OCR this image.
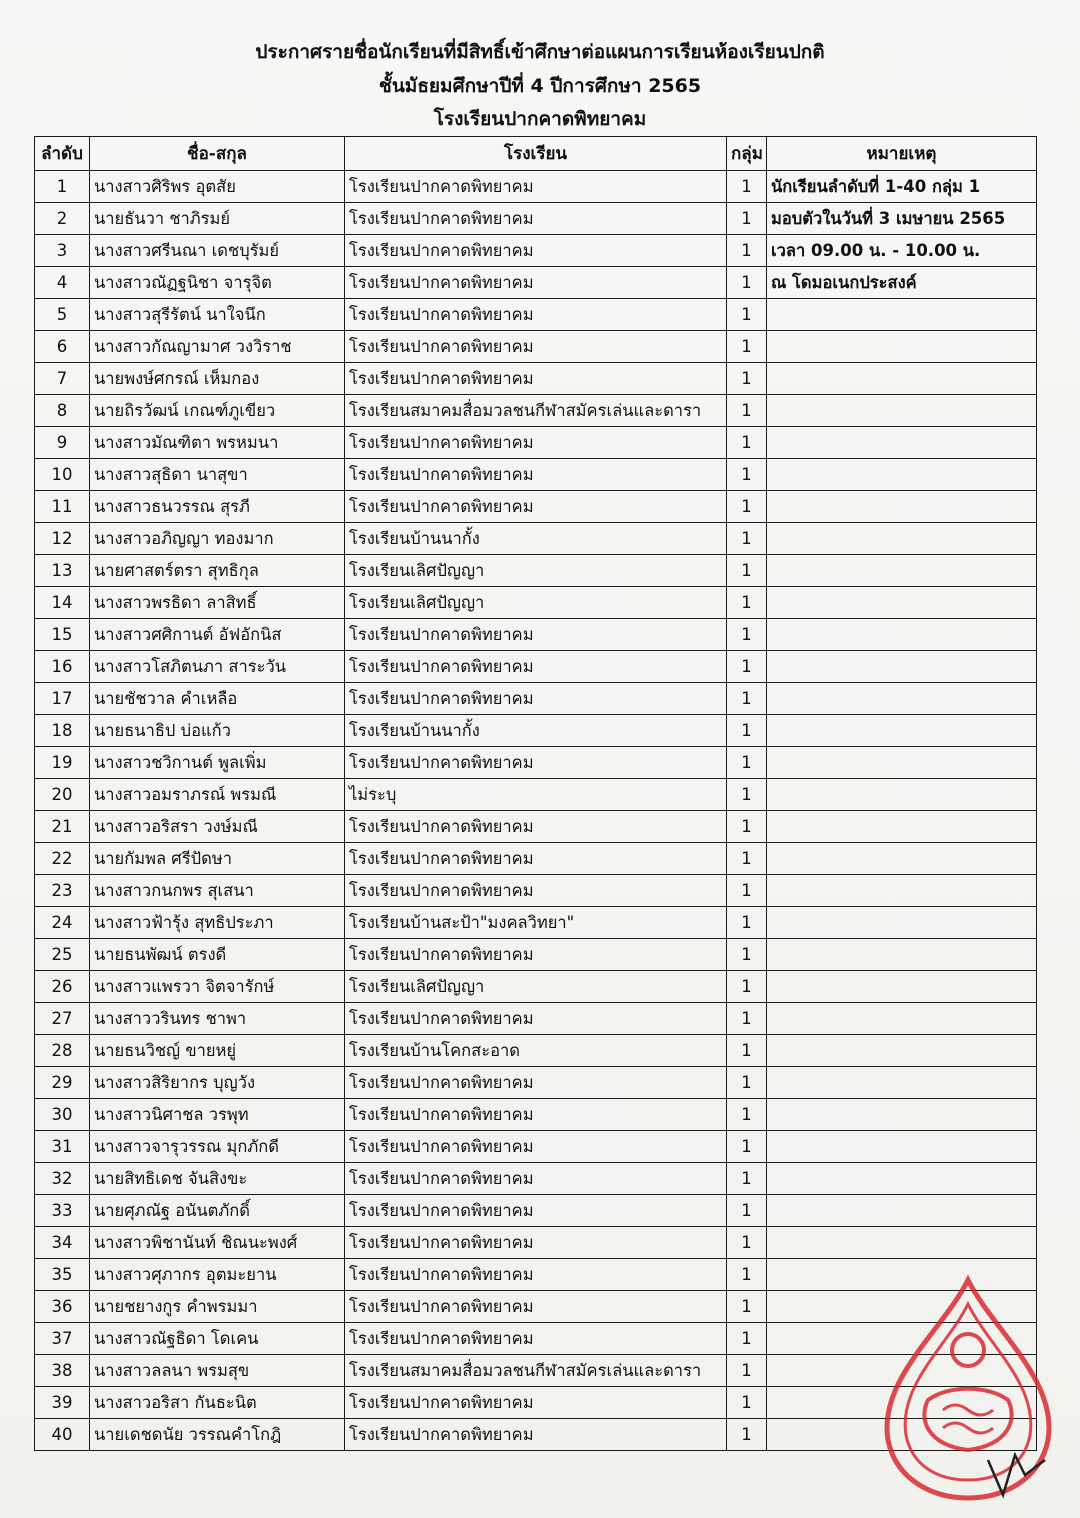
ประกาศรายชื่อนักเรียนที่มีสิทธิ์เข้าศึกษาต่อแผนการเรียนห้องเรียนปกติ
ชั้นมัธยมศึกษาปีที่ 4 ปีการศึกษา 2565
โรงเรียนปากคาดพิทยาคม
ลำดับ	ชื่อ-สกุล	โรงเรียน	กลุ่ม	หมายเหตุ
1	นางสาวศิริพร อุตสัย	โรงเรียนปากคาดพิทยาคม	1	นักเรียนลำดับที่ 1-40 กลุ่ม 1
2	นายธันวา ชาภิรมย์	โรงเรียนปากคาดพิทยาคม	1	มอบตัวในวันที่ 3 เมษายน 2565
3	นางสาวศรีนณา เดชบุรัมย์	โรงเรียนปากคาดพิทยาคม	1	เวลา 09.00 น. - 10.00 น.
4	นางสาวณัฏฐนิชา จารุจิต	โรงเรียนปากคาดพิทยาคม	1	ณ โดมอเนกประสงค์
5	นางสาวสุรีรัตน์ นาใจนึก	โรงเรียนปากคาดพิทยาคม	1	
6	นางสาวกัณญามาศ วงวิราช	โรงเรียนปากคาดพิทยาคม	1	
7	นายพงษ์ศกรณ์ เห็มกอง	โรงเรียนปากคาดพิทยาคม	1	
8	นายถิรวัฒน์ เกณฑ์ภูเขียว	โรงเรียนสมาคมสื่อมวลชนกีฬาสมัครเล่นและดารา	1	
9	นางสาวมัณฑิตา พรหมนา	โรงเรียนปากคาดพิทยาคม	1	
10	นางสาวสุธิดา นาสุขา	โรงเรียนปากคาดพิทยาคม	1	
11	นางสาวธนวรรณ สุรภี	โรงเรียนปากคาดพิทยาคม	1	
12	นางสาวอภิญญา ทองมาก	โรงเรียนบ้านนากั้ง	1	
13	นายศาสตร์ตรา สุทธิกุล	โรงเรียนเลิศปัญญา	1	
14	นางสาวพรธิดา ลาสิทธิ์	โรงเรียนเลิศปัญญา	1	
15	นางสาวศศิกานต์ อัฟอักนิส	โรงเรียนปากคาดพิทยาคม	1	
16	นางสาวโสภิตนภา สาระวัน	โรงเรียนปากคาดพิทยาคม	1	
17	นายชัชวาล คำเหลือ	โรงเรียนปากคาดพิทยาคม	1	
18	นายธนาธิป บ่อแก้ว	โรงเรียนบ้านนากั้ง	1	
19	นางสาวชวิกานต์ พูลเพิ่ม	โรงเรียนปากคาดพิทยาคม	1	
20	นางสาวอมราภรณ์ พรมณี	ไม่ระบุ	1	
21	นางสาวอริสรา วงษ์มณี	โรงเรียนปากคาดพิทยาคม	1	
22	นายกัมพล ศรีปัดษา	โรงเรียนปากคาดพิทยาคม	1	
23	นางสาวกนกพร สุเสนา	โรงเรียนปากคาดพิทยาคม	1	
24	นางสาวฟ้ารุ้ง สุทธิประภา	โรงเรียนบ้านสะป้า"มงคลวิทยา"	1	
25	นายธนพัฒน์ ตรงดี	โรงเรียนปากคาดพิทยาคม	1	
26	นางสาวแพรวา จิตจารักษ์	โรงเรียนเลิศปัญญา	1	
27	นางสาววรินทร ชาพา	โรงเรียนปากคาดพิทยาคม	1	
28	นายธนวิชญ์ ขายหยู่	โรงเรียนบ้านโคกสะอาด	1	
29	นางสาวสิริยากร บุญวัง	โรงเรียนปากคาดพิทยาคม	1	
30	นางสาวนิศาชล วรพุท	โรงเรียนปากคาดพิทยาคม	1	
31	นางสาวจารุวรรณ มุกภักดี	โรงเรียนปากคาดพิทยาคม	1	
32	นายสิทธิเดช จันสิงขะ	โรงเรียนปากคาดพิทยาคม	1	
33	นายศุภณัฐ อนันตภักดิ์	โรงเรียนปากคาดพิทยาคม	1	
34	นางสาวพิชานันท์ ชิณนะพงศ์	โรงเรียนปากคาดพิทยาคม	1	
35	นางสาวศุภากร อุตมะยาน	โรงเรียนปากคาดพิทยาคม	1	
36	นายชยางกูร คำพรมมา	โรงเรียนปากคาดพิทยาคม	1	
37	นางสาวณัฐธิดา โดเคน	โรงเรียนปากคาดพิทยาคม	1	
38	นางสาวลลนา พรมสุข	โรงเรียนสมาคมสื่อมวลชนกีฬาสมัครเล่นและดารา	1	
39	นางสาวอริสา กันธะนิต	โรงเรียนปากคาดพิทยาคม	1	
40	นายเดชดนัย วรรณคำโกฎิ	โรงเรียนปากคาดพิทยาคม	1	
